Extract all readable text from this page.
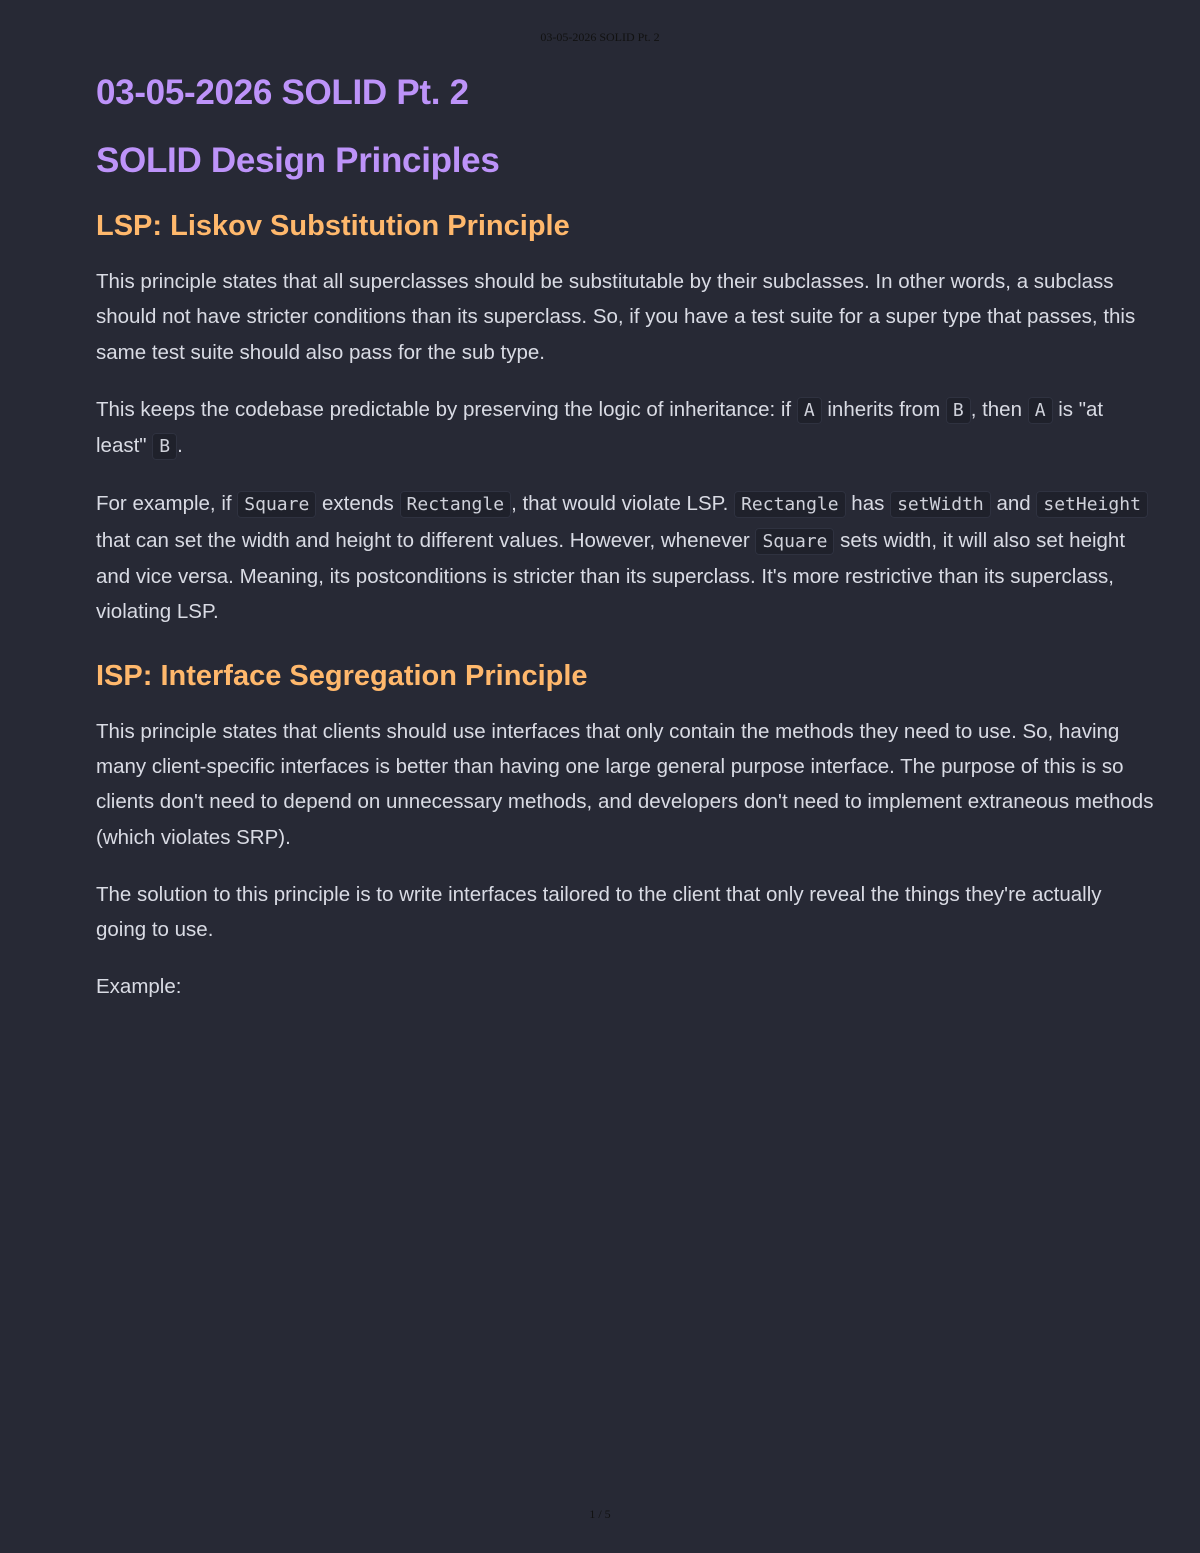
03-05-2026 SOLID Pt. 2
03-05-2026 SOLID Pt. 2
SOLID Design Principles
LSP: Liskov Substitution Principle

This principle states that all superclasses should be substitutable by their subclasses. In other words, a subclass should not have stricter conditions than its superclass. So, if you have a test suite for a super type that passes, this same test suite should also pass for the sub type.

This keeps the codebase predictable by preserving the logic of inheritance: if A inherits from B , then A is "at least" B .

For example, if Square extends Rectangle , that would violate LSP. Rectangle has setWidth and setHeight that can set the width and height to different values. However, whenever Square sets width, it will also set height and vice versa. Meaning, its postconditions is stricter than its superclass. It's more restrictive than its superclass, violating LSP.

ISP: Interface Segregation Principle

This principle states that clients should use interfaces that only contain the methods they need to use. So, having many client-specific interfaces is better than having one large general purpose interface. The purpose of this is so clients don't need to depend on unnecessary methods, and developers don't need to implement extraneous methods (which violates SRP).

The solution to this principle is to write interfaces tailored to the client that only reveal the things they're actually going to use.

Example:

1 / 5
